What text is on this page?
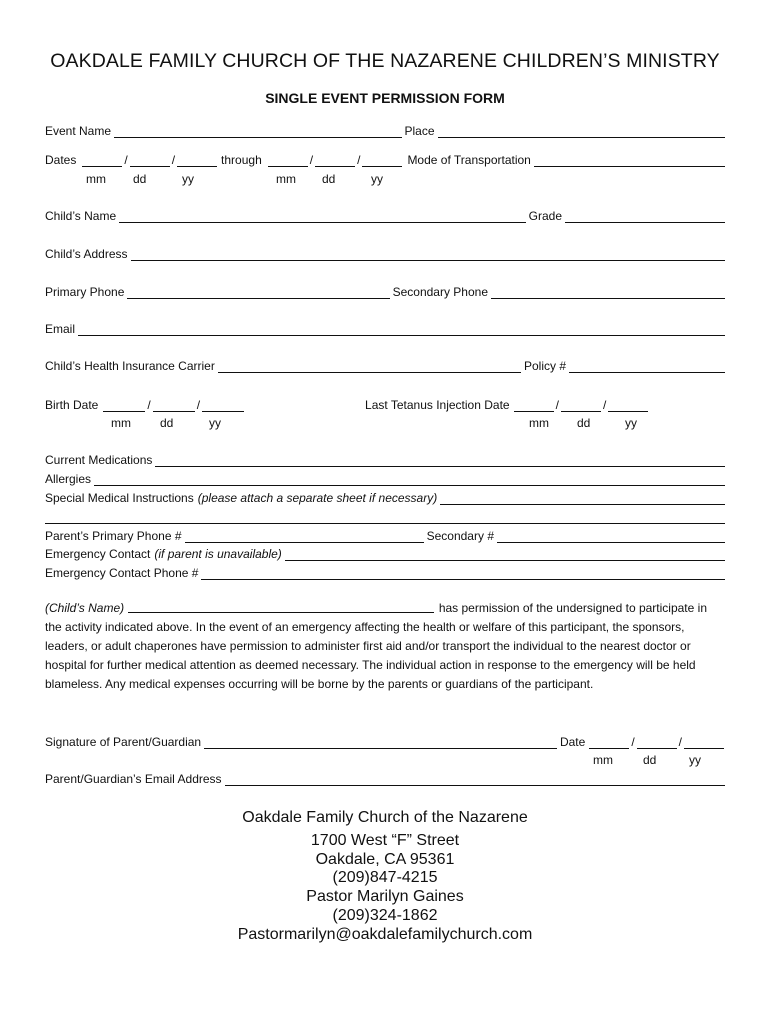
OAKDALE FAMILY CHURCH OF THE NAZARENE CHILDREN’S MINISTRY
SINGLE EVENT PERMISSION FORM
Event Name	Place
Dates	/	/	through	/	/	Mode of Transportation
mm dd	yy	mm dd	yy
Child’s Name	Grade
Child’s Address
Primary Phone	Secondary Phone
Email
Child’s Health Insurance Carrier	Policy #
Birth Date	/	/	Last Tetanus Injection Date	/	/
mm dd	yy	mm dd	yy
Current Medications
Allergies
Special Medical Instructions (please attach a separate sheet if necessary)
Parent’s Primary Phone #	Secondary #
Emergency Contact (if parent is unavailable)
Emergency Contact Phone #
(Child’s Name)	has permission of the undersigned to participate in the activity indicated above. In the event of an emergency affecting the health or welfare of this participant, the sponsors, leaders, or adult chaperones have permission to administer first aid and/or transport the individual to the nearest doctor or hospital for further medical attention as deemed necessary. The individual action in response to the emergency will be held blameless. Any medical expenses occurring will be borne by the parents or guardians of the participant.
Signature of Parent/Guardian	Date	/	/
mm	dd	yy
Parent/Guardian’s Email Address
Oakdale Family Church of the Nazarene
1700 West “F” Street
Oakdale, CA 95361
(209)847-4215
Pastor Marilyn Gaines
(209)324-1862
Pastormarilyn@oakdalefamilychurch.com
